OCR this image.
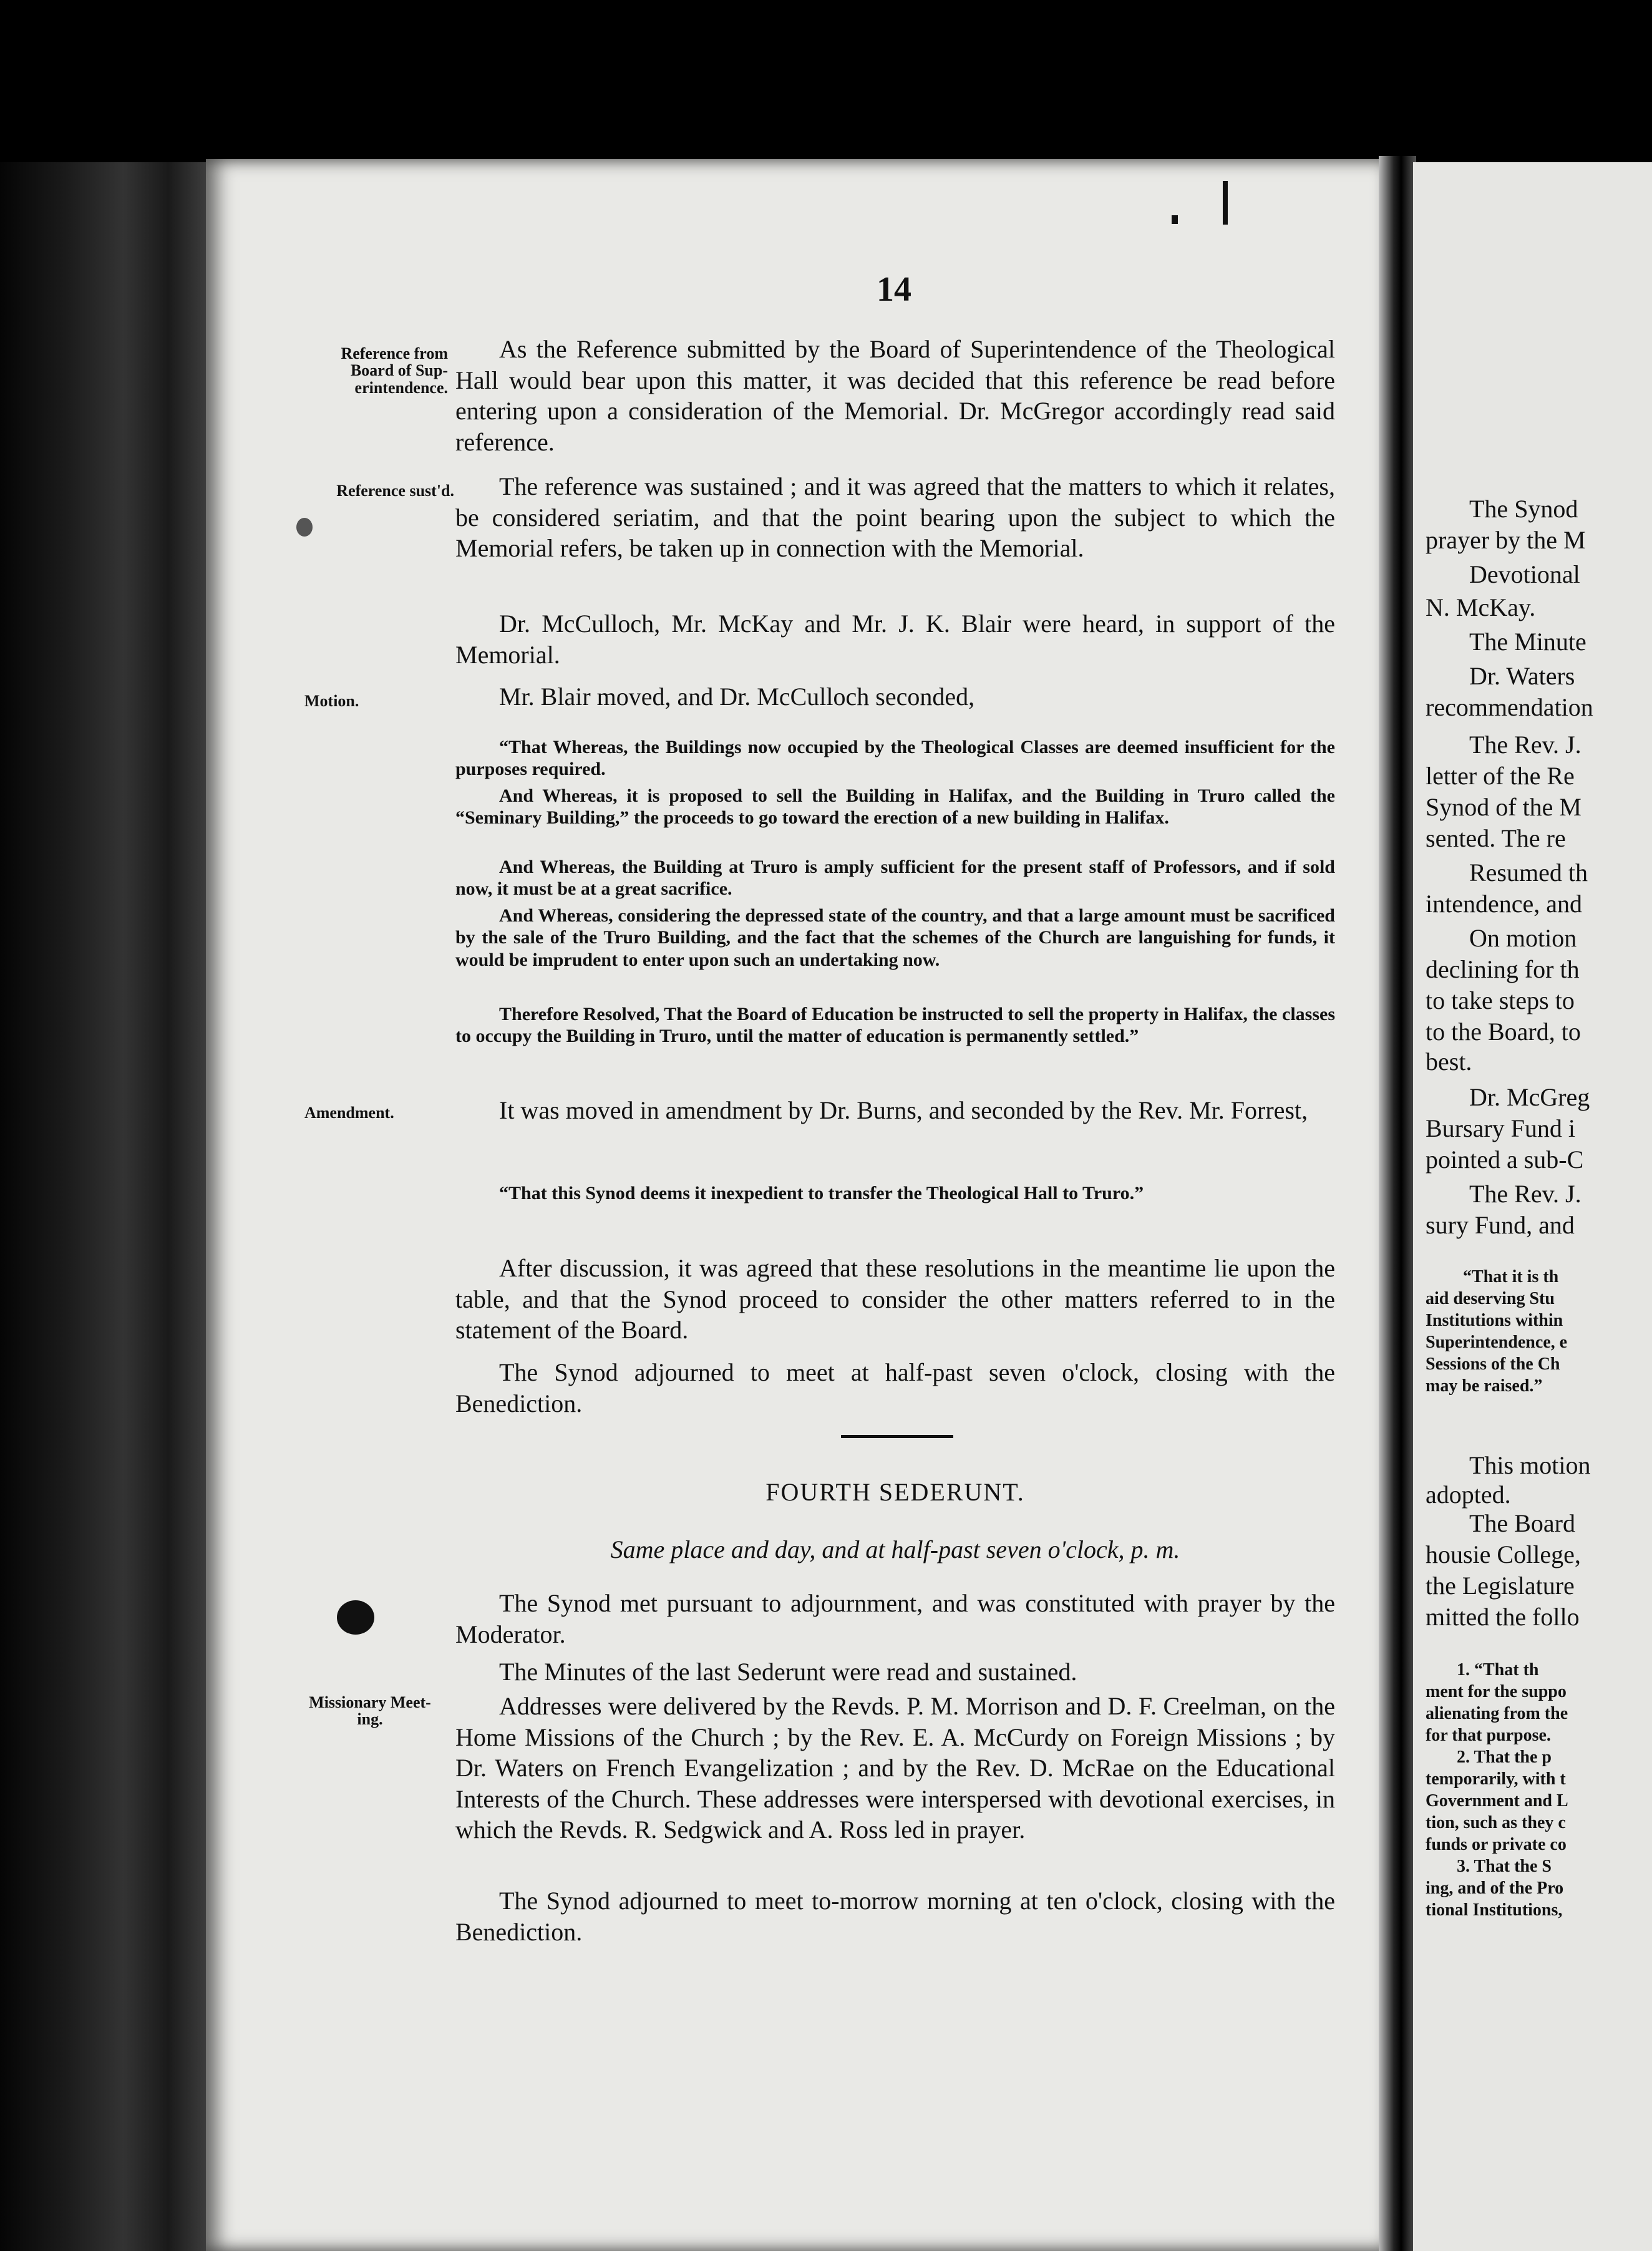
14
Reference from Board of Sup-erintendence.
Reference sust'd.
Motion.
Amendment.
Missionary Meet-ing.
As the Reference submitted by the Board of Superintendence of the Theological Hall would bear upon this matter, it was decided that this reference be read before entering upon a consideration of the Memorial. Dr. McGregor accordingly read said reference.
The reference was sustained ; and it was agreed that the matters to which it relates, be considered seriatim, and that the point bearing upon the subject to which the Memorial refers, be taken up in connection with the Memorial.
Dr. McCulloch, Mr. McKay and Mr. J. K. Blair were heard, in support of the Memorial.
Mr. Blair moved, and Dr. McCulloch seconded,
“That Whereas, the Buildings now occupied by the Theological Classes are deemed insufficient for the purposes required.
And Whereas, it is proposed to sell the Building in Halifax, and the Building in Truro called the “Seminary Building,” the proceeds to go toward the erection of a new building in Halifax.
And Whereas, the Building at Truro is amply sufficient for the present staff of Professors, and if sold now, it must be at a great sacrifice.
And Whereas, considering the depressed state of the country, and that a large amount must be sacrificed by the sale of the Truro Building, and the fact that the schemes of the Church are languishing for funds, it would be imprudent to enter upon such an undertaking now.
Therefore Resolved, That the Board of Education be instructed to sell the property in Halifax, the classes to occupy the Building in Truro, until the matter of education is permanently settled.”
It was moved in amendment by Dr. Burns, and seconded by the Rev. Mr. Forrest,
“That this Synod deems it inexpedient to transfer the Theological Hall to Truro.”
After discussion, it was agreed that these resolutions in the meantime lie upon the table, and that the Synod proceed to consider the other matters referred to in the statement of the Board.
The Synod adjourned to meet at half-past seven o'clock, closing with the Benediction.
FOURTH SEDERUNT.
Same place and day, and at half-past seven o'clock, p. m.
The Synod met pursuant to adjournment, and was constituted with prayer by the Moderator.
The Minutes of the last Sederunt were read and sustained.
Addresses were delivered by the Revds. P. M. Morrison and D. F. Creelman, on the Home Missions of the Church ; by the Rev. E. A. McCurdy on Foreign Missions ; by Dr. Waters on French Evangelization ; and by the Rev. D. McRae on the Educational Interests of the Church. These addresses were interspersed with devotional exercises, in which the Revds. R. Sedgwick and A. Ross led in prayer.
The Synod adjourned to meet to-morrow morning at ten o'clock, closing with the Benediction.
The Synod
prayer by the M
Devotional
N. McKay.
The Minute
Dr. Waters
recommendation
The Rev. J.
letter of the Re
Synod of the M
sented. The re
Resumed th
intendence, and
On motion
declining for th
to take steps to
to the Board, to
best.
Dr. McGreg
Bursary Fund i
pointed a sub-C
The Rev. J.
sury Fund, and
“That it is th
aid deserving Stu
Institutions within
Superintendence, e
Sessions of the Ch
may be raised.”
This motion
adopted.
The Board
housie College,
the Legislature
mitted the follo
1. “That th
ment for the suppo
alienating from the
for that purpose.
2. That the p
temporarily, with t
Government and L
tion, such as they c
funds or private co
3. That the S
ing, and of the Pro
tional Institutions,
